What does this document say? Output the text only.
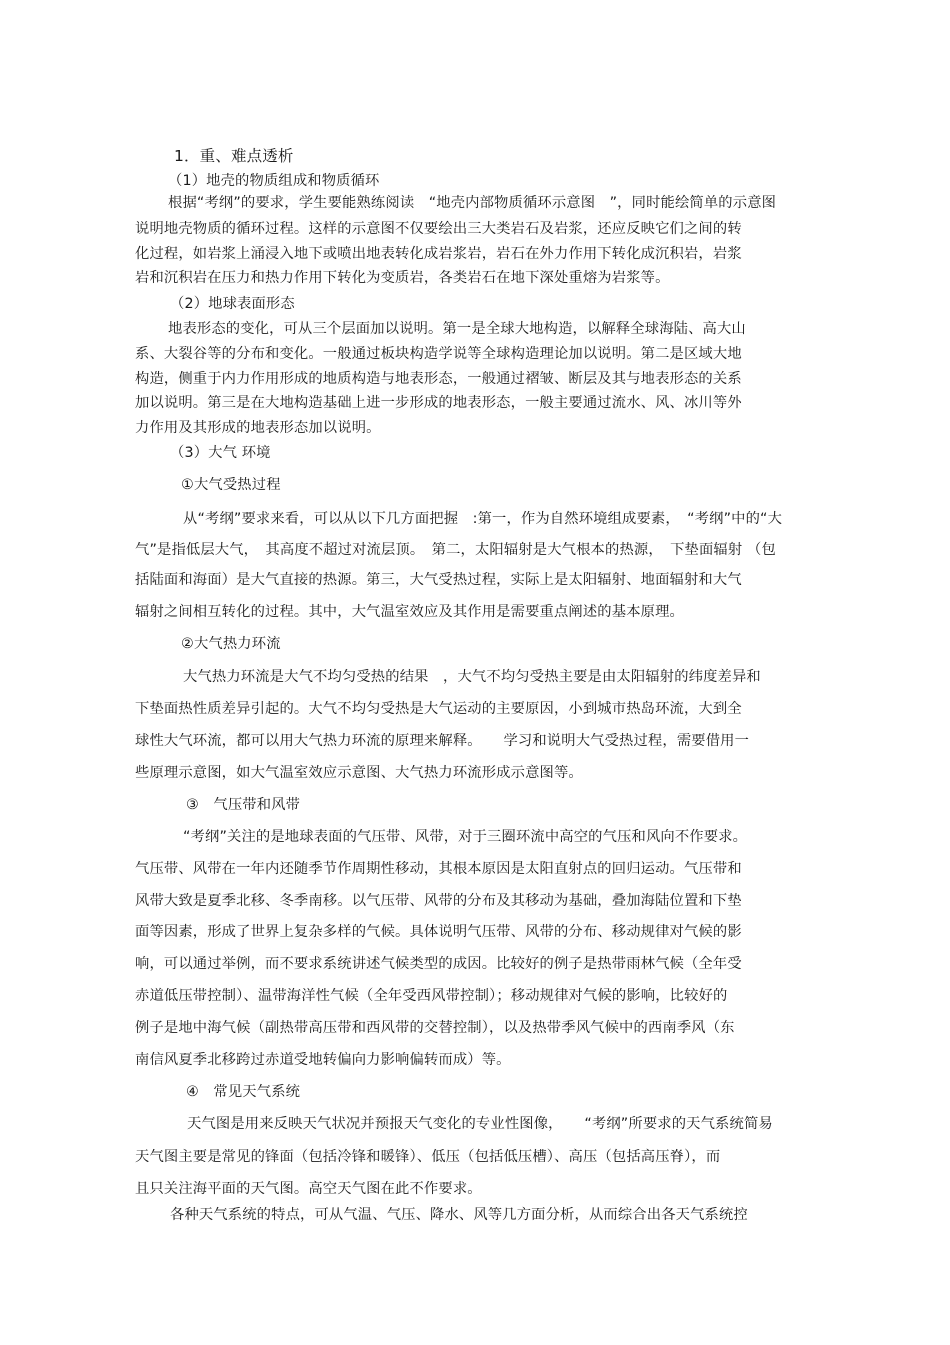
1．重、难点透析
（1）地壳的物质组成和物质循环
根据“考纲”的要求，学生要能熟练阅读　“地壳内部物质循环示意图　”，同时能绘简单的示意图
说明地壳物质的循环过程。这样的示意图不仅要绘出三大类岩石及岩浆，还应反映它们之间的转
化过程，如岩浆上涌浸入地下或喷出地表转化成岩浆岩，岩石在外力作用下转化成沉积岩，岩浆
岩和沉积岩在压力和热力作用下转化为变质岩，各类岩石在地下深处重熔为岩浆等。
（2）地球表面形态
地表形态的变化，可从三个层面加以说明。第一是全球大地构造，以解释全球海陆、高大山
系、大裂谷等的分布和变化。一般通过板块构造学说等全球构造理论加以说明。第二是区域大地
构造，侧重于内力作用形成的地质构造与地表形态，一般通过褶皱、断层及其与地表形态的关系
加以说明。第三是在大地构造基础上进一步形成的地表形态，一般主要通过流水、风、冰川等外
力作用及其形成的地表形态加以说明。
（3）大气 环境
①大气受热过程
从“考纲”要求来看，可以从以下几方面把握　:第一，作为自然环境组成要素，　“考纲”中的“大
气”是指低层大气，　其高度不超过对流层顶。　第二，太阳辐射是大气根本的热源，　下垫面辐射 （包
括陆面和海面）是大气直接的热源。第三，大气受热过程，实际上是太阳辐射、地面辐射和大气
辐射之间相互转化的过程。其中，大气温室效应及其作用是需要重点阐述的基本原理。
②大气热力环流
大气热力环流是大气不均匀受热的结果　，大气不均匀受热主要是由太阳辐射的纬度差异和
下垫面热性质差异引起的。大气不均匀受热是大气运动的主要原因，小到城市热岛环流，大到全
球性大气环流，都可以用大气热力环流的原理来解释。　　学习和说明大气受热过程，需要借用一
些原理示意图，如大气温室效应示意图、大气热力环流形成示意图等。
③　气压带和风带
“考纲”关注的是地球表面的气压带、风带，对于三圈环流中高空的气压和风向不作要求。
气压带、风带在一年内还随季节作周期性移动，其根本原因是太阳直射点的回归运动。气压带和
风带大致是夏季北移、冬季南移。以气压带、风带的分布及其移动为基础，叠加海陆位置和下垫
面等因素，形成了世界上复杂多样的气候。具体说明气压带、风带的分布、移动规律对气候的影
响，可以通过举例，而不要求系统讲述气候类型的成因。比较好的例子是热带雨林气候（全年受
赤道低压带控制）、温带海洋性气候（全年受西风带控制）；移动规律对气候的影响，比较好的
例子是地中海气候（副热带高压带和西风带的交替控制），以及热带季风气候中的西南季风（东
南信风夏季北移跨过赤道受地转偏向力影响偏转而成）等。
④　常见天气系统
天气图是用来反映天气状况并预报天气变化的专业性图像，　　“考纲”所要求的天气系统简易
天气图主要是常见的锋面（包括冷锋和暖锋）、低压（包括低压槽）、高压（包括高压脊），而
且只关注海平面的天气图。高空天气图在此不作要求。
各种天气系统的特点，可从气温、气压、降水、风等几方面分析，从而综合出各天气系统控
